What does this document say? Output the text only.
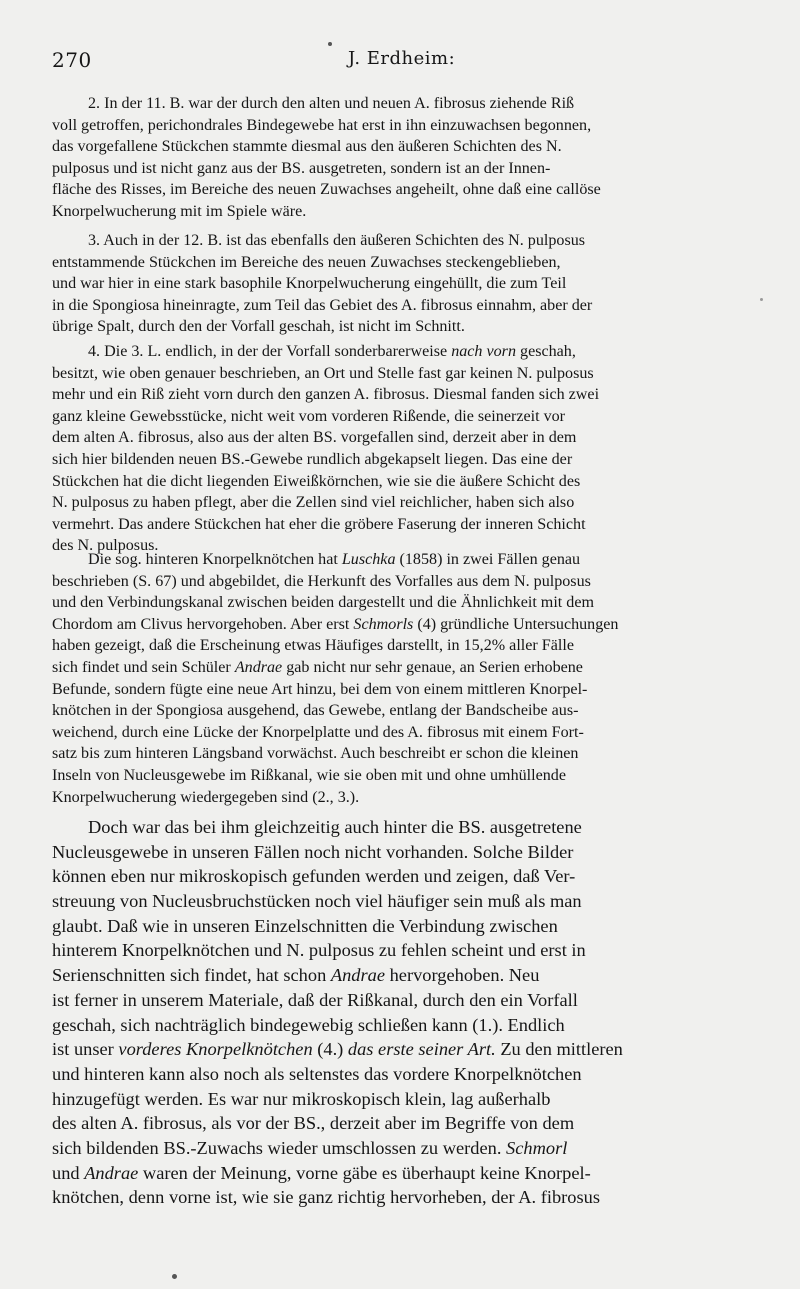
270	J. Erdheim:
2. In der 11. B. war der durch den alten und neuen A. fibrosus ziehende Riß
voll getroffen, perichondrales Bindegewebe hat erst in ihn einzuwachsen begonnen,
das vorgefallene Stückchen stammte diesmal aus den äußeren Schichten des N.
pulposus und ist nicht ganz aus der BS. ausgetreten, sondern ist an der Innen-
fläche des Risses, im Bereiche des neuen Zuwachses angeheilt, ohne daß eine callöse
Knorpelwucherung mit im Spiele wäre.
3. Auch in der 12. B. ist das ebenfalls den äußeren Schichten des N. pulposus
entstammende Stückchen im Bereiche des neuen Zuwachses steckengeblieben,
und war hier in eine stark basophile Knorpelwucherung eingehüllt, die zum Teil
in die Spongiosa hineinragte, zum Teil das Gebiet des A. fibrosus einnahm, aber der
übrige Spalt, durch den der Vorfall geschah, ist nicht im Schnitt.
4. Die 3. L. endlich, in der der Vorfall sonderbarerweise nach vorn geschah,
besitzt, wie oben genauer beschrieben, an Ort und Stelle fast gar keinen N. pulposus
mehr und ein Riß zieht vorn durch den ganzen A. fibrosus. Diesmal fanden sich zwei
ganz kleine Gewebsstücke, nicht weit vom vorderen Rißende, die seinerzeit vor
dem alten A. fibrosus, also aus der alten BS. vorgefallen sind, derzeit aber in dem
sich hier bildenden neuen BS.-Gewebe rundlich abgekapselt liegen. Das eine der
Stückchen hat die dicht liegenden Eiweißkörnchen, wie sie die äußere Schicht des
N. pulposus zu haben pflegt, aber die Zellen sind viel reichlicher, haben sich also
vermehrt. Das andere Stückchen hat eher die gröbere Faserung der inneren Schicht
des N. pulposus.
Die sog. hinteren Knorpelknötchen hat Luschka (1858) in zwei Fällen genau
beschrieben (S. 67) und abgebildet, die Herkunft des Vorfalles aus dem N. pulposus
und den Verbindungskanal zwischen beiden dargestellt und die Ähnlichkeit mit dem
Chordom am Clivus hervorgehoben. Aber erst Schmorls (4) gründliche Untersuchungen
haben gezeigt, daß die Erscheinung etwas Häufiges darstellt, in 15,2% aller Fälle
sich findet und sein Schüler Andrae gab nicht nur sehr genaue, an Serien erhobene
Befunde, sondern fügte eine neue Art hinzu, bei dem von einem mittleren Knorpel-
knötchen in der Spongiosa ausgehend, das Gewebe, entlang der Bandscheibe aus-
weichend, durch eine Lücke der Knorpelplatte und des A. fibrosus mit einem Fort-
satz bis zum hinteren Längsband vorwächst. Auch beschreibt er schon die kleinen
Inseln von Nucleusgewebe im Rißkanal, wie sie oben mit und ohne umhüllende
Knorpelwucherung wiedergegeben sind (2., 3.).
Doch war das bei ihm gleichzeitig auch hinter die BS. ausgetretene
Nucleusgewebe in unseren Fällen noch nicht vorhanden. Solche Bilder
können eben nur mikroskopisch gefunden werden und zeigen, daß Ver-
streuung von Nucleusbruchstücken noch viel häufiger sein muß als man
glaubt. Daß wie in unseren Einzelschnitten die Verbindung zwischen
hinterem Knorpelknötchen und N. pulposus zu fehlen scheint und erst in
Serienschnitten sich findet, hat schon Andrae hervorgehoben. Neu
ist ferner in unserem Materiale, daß der Rißkanal, durch den ein Vorfall
geschah, sich nachträglich bindegewebig schließen kann (1.). Endlich
ist unser vorderes Knorpelknötchen (4.) das erste seiner Art. Zu den mittleren
und hinteren kann also noch als seltenstes das vordere Knorpelknötchen
hinzugefügt werden. Es war nur mikroskopisch klein, lag außerhalb
des alten A. fibrosus, als vor der BS., derzeit aber im Begriffe von dem
sich bildenden BS.-Zuwachs wieder umschlossen zu werden. Schmorl
und Andrae waren der Meinung, vorne gäbe es überhaupt keine Knorpel-
knötchen, denn vorne ist, wie sie ganz richtig hervorheben, der A. fibrosus
